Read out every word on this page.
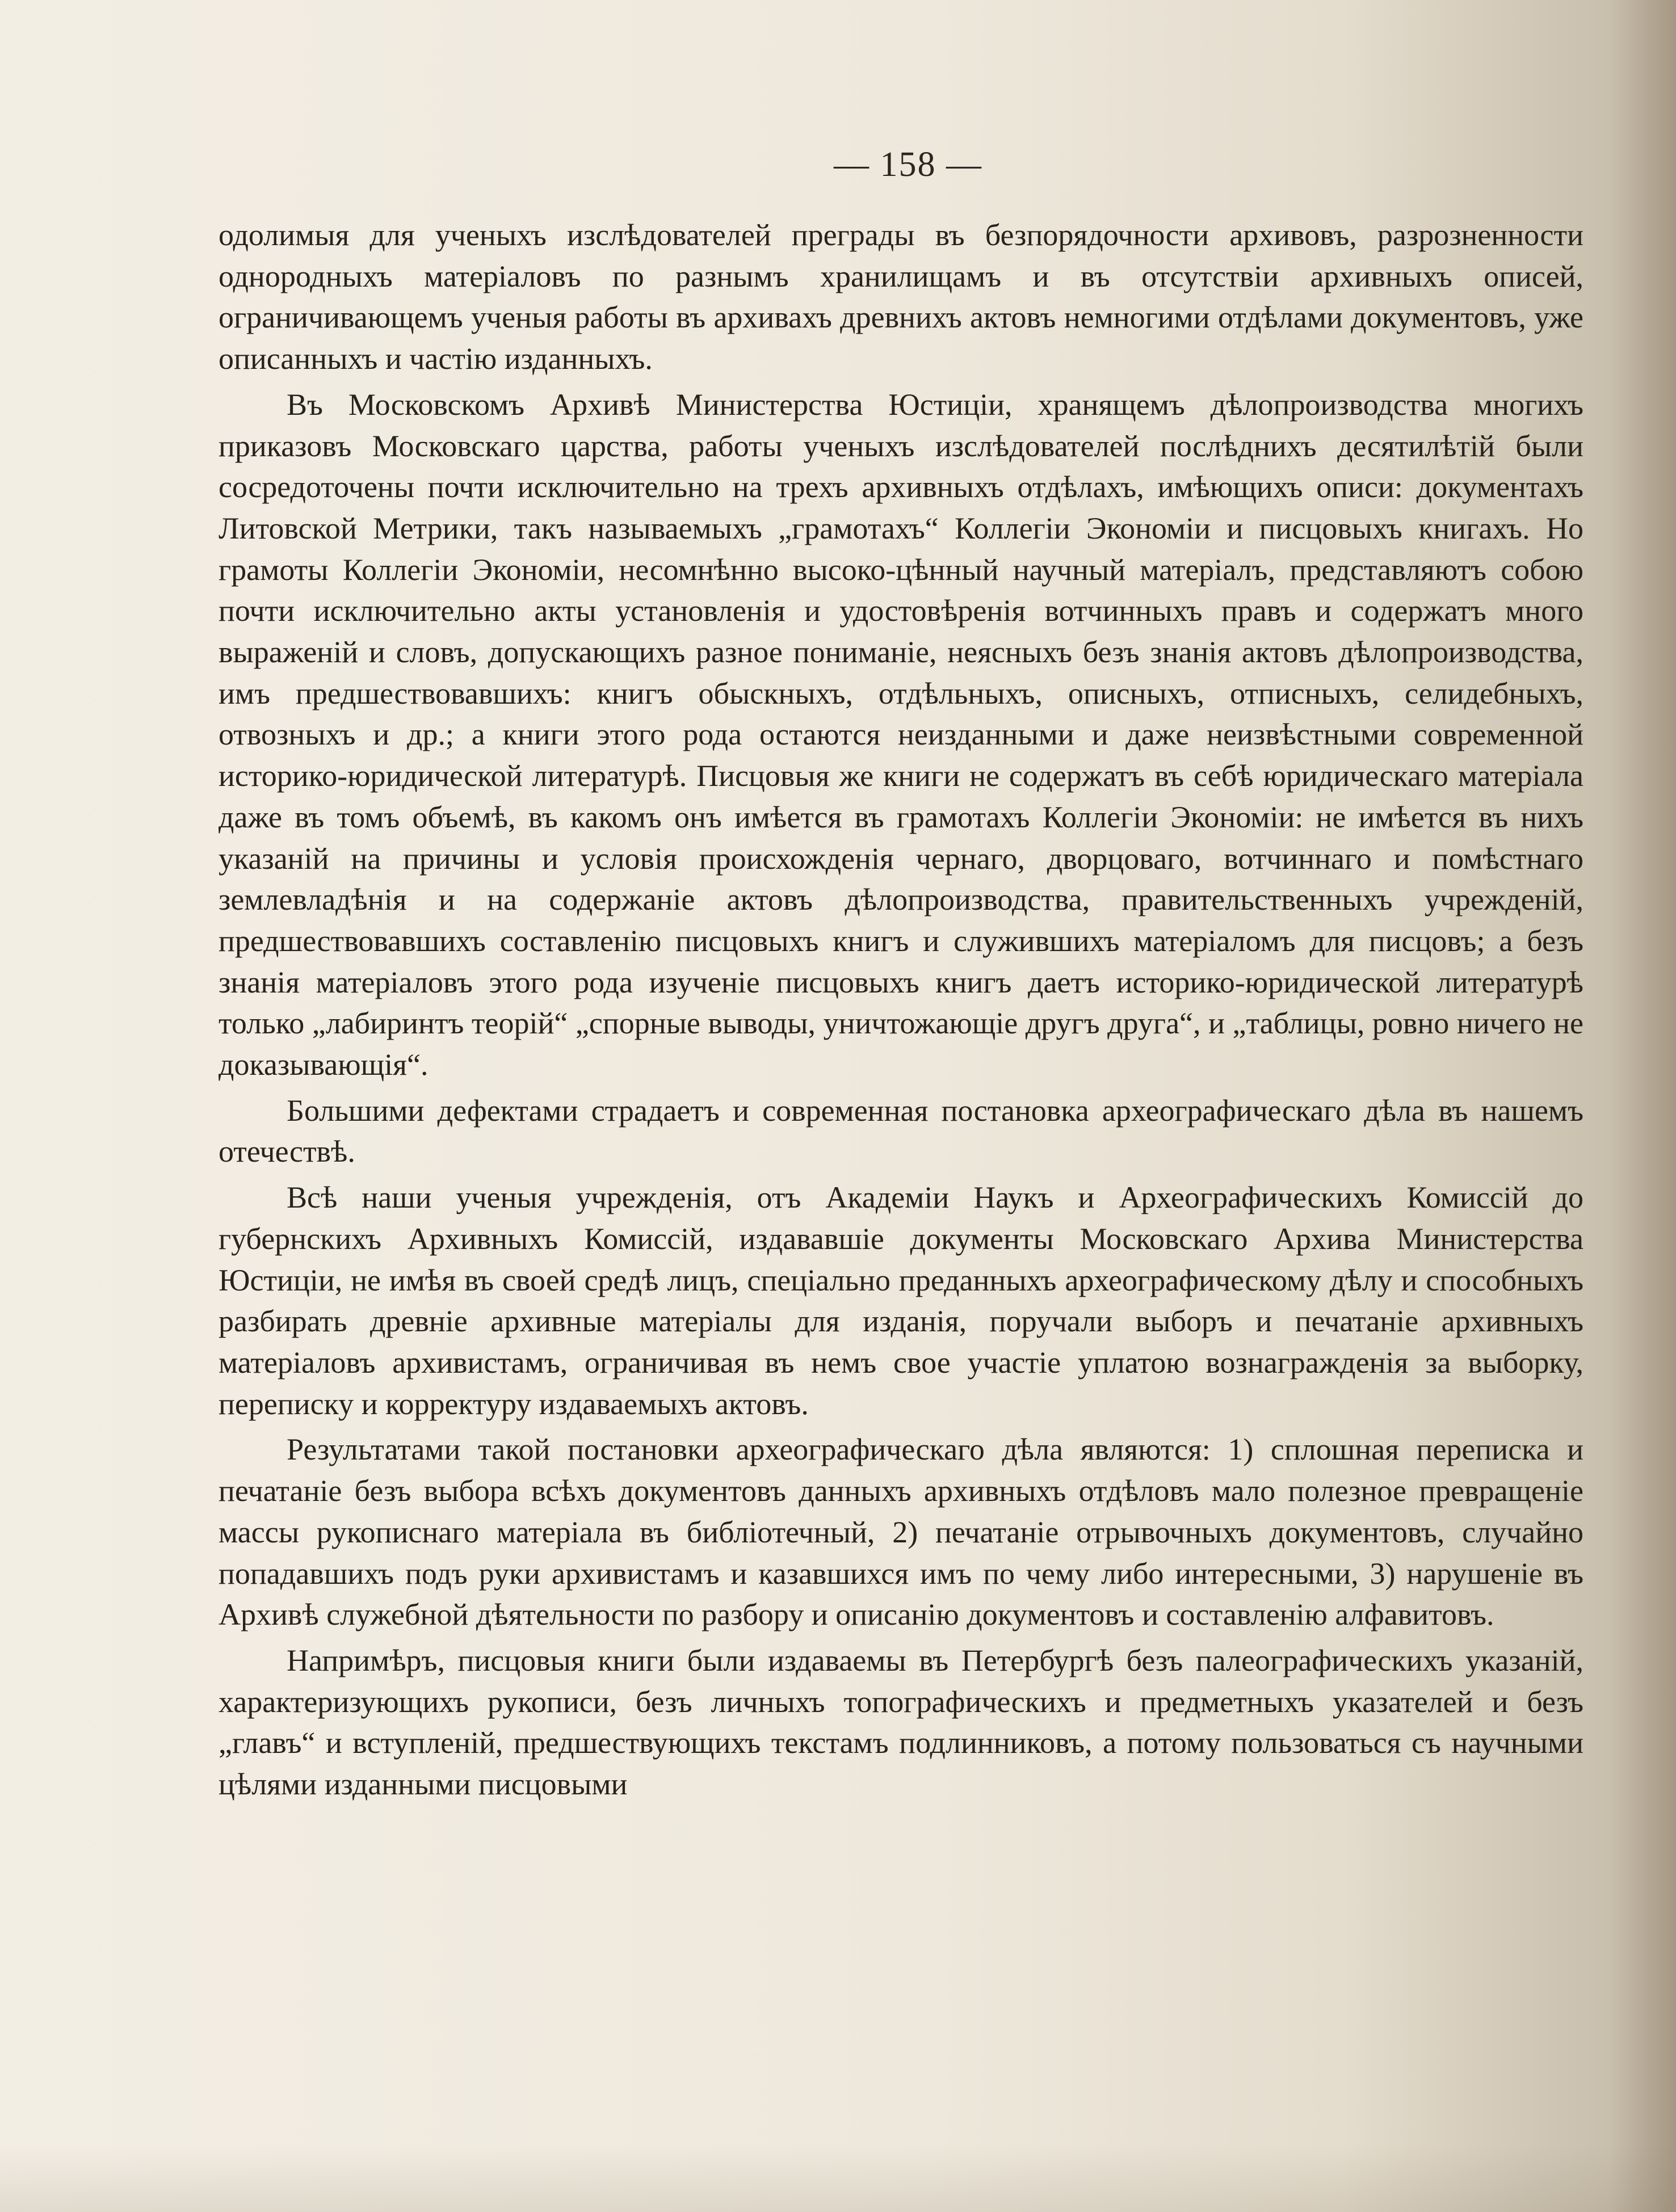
— 158 —

одолимыя для ученыхъ изслѣдователей преграды въ безпорядочности архивовъ, разрозненности однородныхъ матеріаловъ по разнымъ хранилищамъ и въ отсутствіи архивныхъ описей, ограничивающемъ ученыя работы въ архивахъ древнихъ актовъ немногими отдѣлами документовъ, уже описанныхъ и частію изданныхъ.

Въ Московскомъ Архивѣ Министерства Юстиціи, хранящемъ дѣлопроизводства многихъ приказовъ Московскаго царства, работы ученыхъ изслѣдователей послѣднихъ десятилѣтій были сосредоточены почти исключительно на трехъ архивныхъ отдѣлахъ, имѣющихъ описи: документахъ Литовской Метрики, такъ называемыхъ „грамотахъ“ Коллегіи Экономіи и писцовыхъ книгахъ. Но грамоты Коллегіи Экономіи, несомнѣнно высоко-цѣнный научный матеріалъ, представляютъ собою почти исключительно акты установленія и удостовѣренія вотчинныхъ правъ и содержатъ много выраженій и словъ, допускающихъ разное пониманіе, неясныхъ безъ знанія актовъ дѣлопроизводства, имъ предшествовавшихъ: книгъ обыскныхъ, отдѣльныхъ, описныхъ, отписныхъ, селидебныхъ, отвозныхъ и др.; а книги этого рода остаются неизданными и даже неизвѣстными современной историко-юридической литературѣ. Писцовыя же книги не содержатъ въ себѣ юридическаго матеріала даже въ томъ объемѣ, въ какомъ онъ имѣется въ грамотахъ Коллегіи Экономіи: не имѣется въ нихъ указаній на причины и условія происхожденія чернаго, дворцоваго, вотчиннаго и помѣстнаго землевладѣнія и на содержаніе актовъ дѣлопроизводства, правительственныхъ учрежденій, предшествовавшихъ составленію писцовыхъ книгъ и служившихъ матеріаломъ для писцовъ; а безъ знанія матеріаловъ этого рода изученіе писцовыхъ книгъ даетъ историко-юридической литературѣ только „лабиринтъ теорій“ „спорные выводы, уничтожающіе другъ друга“, и „таблицы, ровно ничего не доказывающія“.

Большими дефектами страдаетъ и современная постановка археографическаго дѣла въ нашемъ отечествѣ.

Всѣ наши ученыя учрежденія, отъ Академіи Наукъ и Археографическихъ Комиссій до губернскихъ Архивныхъ Комиссій, издававшіе документы Московскаго Архива Министерства Юстиціи, не имѣя въ своей средѣ лицъ, спеціально преданныхъ археографическому дѣлу и способныхъ разбирать древніе архивные матеріалы для изданія, поручали выборъ и печатаніе архивныхъ матеріаловъ архивистамъ, ограничивая въ немъ свое участіе уплатою вознагражденія за выборку, переписку и корректуру издаваемыхъ актовъ.

Результатами такой постановки археографическаго дѣла являются: 1) сплошная переписка и печатаніе безъ выбора всѣхъ документовъ данныхъ архивныхъ отдѣловъ мало полезное превращеніе массы рукописнаго матеріала въ библіотечный, 2) печатаніе отрывочныхъ документовъ, случайно попадавшихъ подъ руки архивистамъ и казавшихся имъ по чему либо интересными, 3) нарушеніе въ Архивѣ служебной дѣятельности по разбору и описанію документовъ и составленію алфавитовъ.

Напримѣръ, писцовыя книги были издаваемы въ Петербургѣ безъ палеографическихъ указаній, характеризующихъ рукописи, безъ личныхъ топографическихъ и предметныхъ указателей и безъ „главъ“ и вступленій, предшествующихъ текстамъ подлинниковъ, а потому пользоваться съ научными цѣлями изданными писцовыми
